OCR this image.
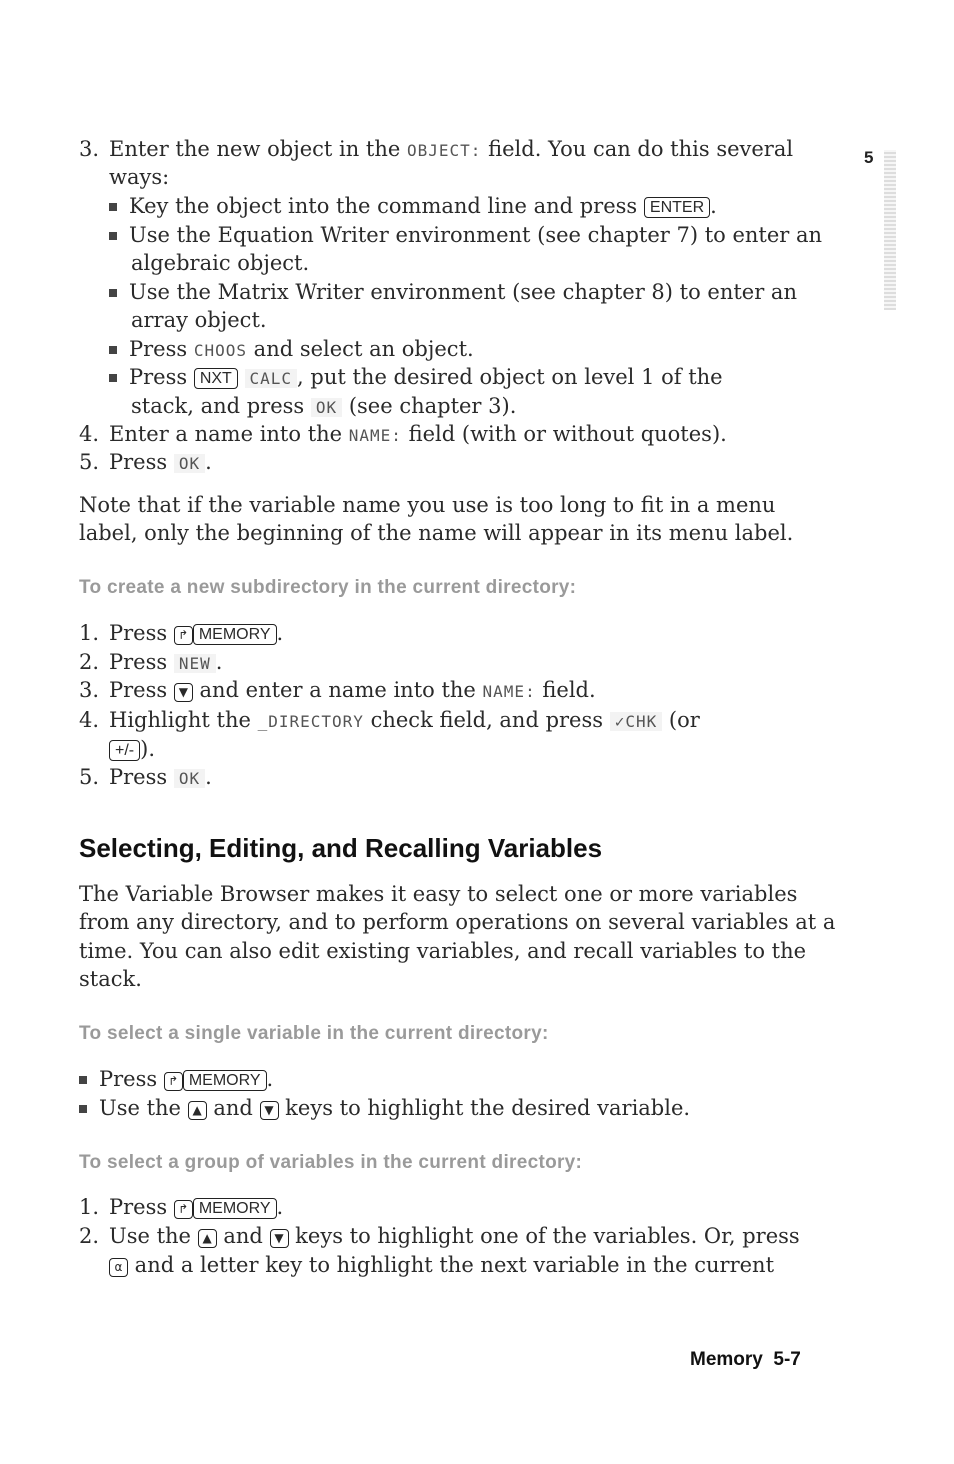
5
3. Enter the new object in the OBJECT: field. You can do this several
ways:
Key the object into the command line and press ENTER .
Use the Equation Writer environment (see chapter 7) to enter an
algebraic object.
Use the Matrix Writer environment (see chapter 8) to enter an
array object.
Press CHOOS and select an object.
Press NXT CALC , put the desired object on level 1 of the
stack, and press OK (see chapter 3).
4. Enter a name into the NAME: field (with or without quotes).
5. Press OK .
Note that if the variable name you use is too long to fit in a menu
label, only the beginning of the name will appear in its menu label.
To create a new subdirectory in the current directory:
1. Press ↱ MEMORY .
2. Press NEW .
3. Press ▼ and enter a name into the NAME: field.
4. Highlight the _DIRECTORY check field, and press ✓CHK (or
+/- ).
5. Press OK .
Selecting, Editing, and Recalling Variables
The Variable Browser makes it easy to select one or more variables
from any directory, and to perform operations on several variables at a
time. You can also edit existing variables, and recall variables to the
stack.
To select a single variable in the current directory:
Press ↱ MEMORY .
Use the ▲ and ▼ keys to highlight the desired variable.
To select a group of variables in the current directory:
1. Press ↱ MEMORY .
2. Use the ▲ and ▼ keys to highlight one of the variables. Or, press
α and a letter key to highlight the next variable in the current
Memory  5-7
